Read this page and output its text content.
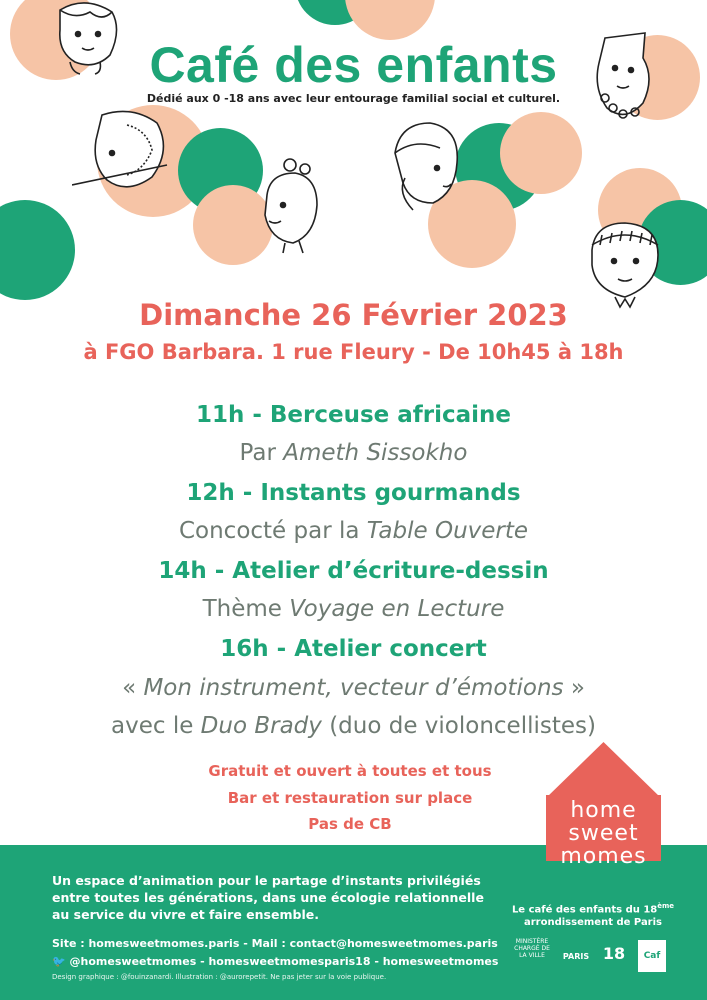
Café des enfants
Dédié aux 0 -18 ans avec leur entourage familial social et culturel.
Dimanche 26 Février 2023
à FGO Barbara. 1 rue Fleury - De 10h45 à 18h
11h - Berceuse africaine
Par Ameth Sissokho
12h - Instants gourmands
Concocté par la Table Ouverte
14h - Atelier d’écriture-dessin
Thème Voyage en Lecture
16h - Atelier concert
« Mon instrument, vecteur d’émotions »
avec le Duo Brady (duo de violoncellistes)
Gratuit et ouvert à toutes et tous
Bar et restauration sur place
Pas de CB
Un espace d’animation pour le partage d’instants privilégiés entre toutes les générations, dans une écologie relationnelle au service du vivre et faire ensemble.
Site : homesweetmomes.paris - Mail : contact@homesweetmomes.paris
🐦 @homesweetmomes - homesweetmomesparis18 - homesweetmomes
Design graphique : @fouinzanardi. Illustration : @aurorepetit. Ne pas jeter sur la voie publique.
home
sweet
momes
Le café des enfants du 18ème
arrondissement de Paris
MINISTÈRE CHARGÉ DE LA VILLE	PARIS 18	Caf
